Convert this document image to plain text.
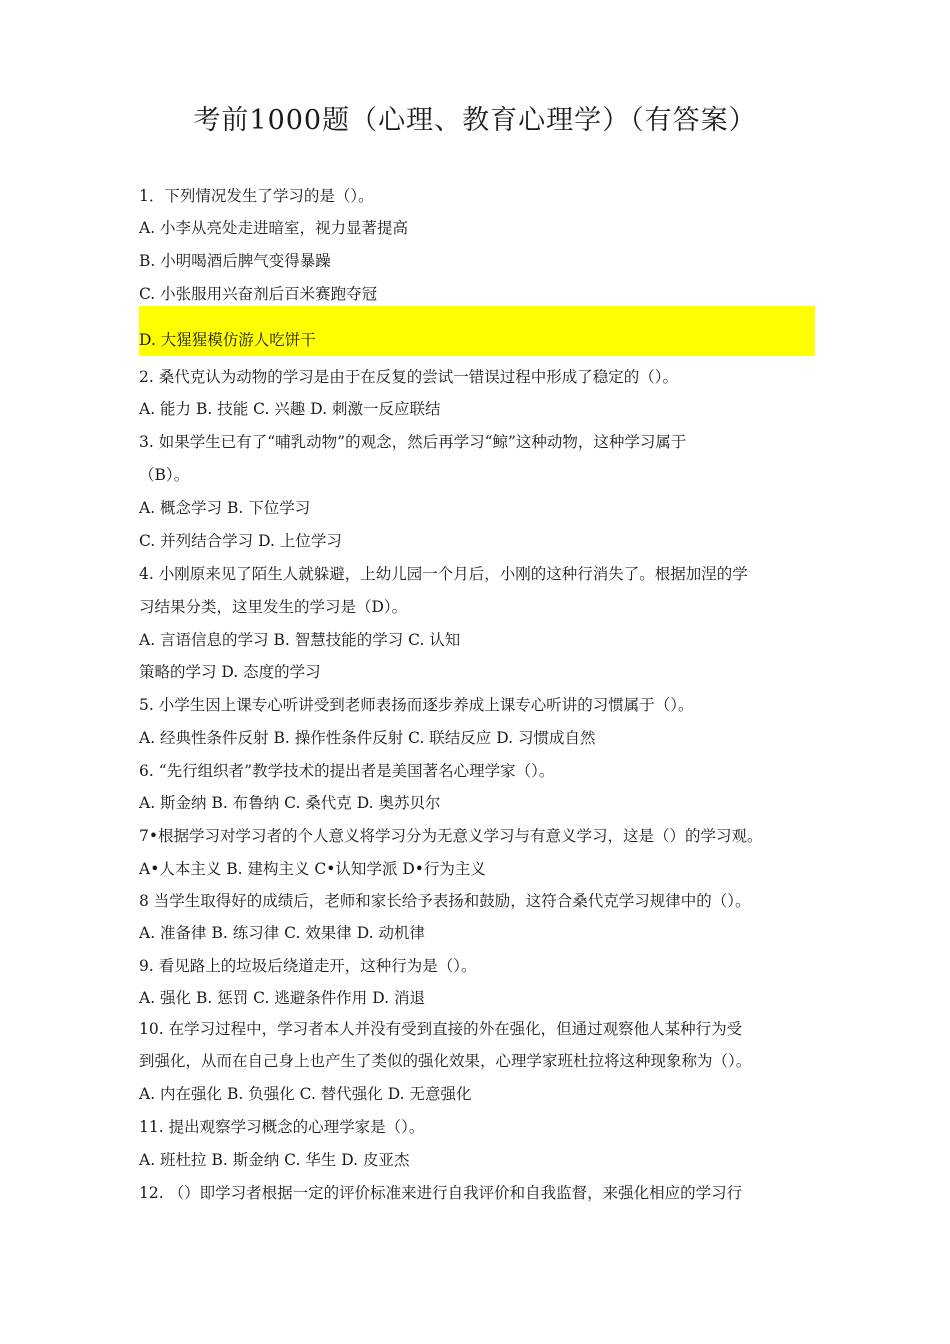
考前1000题（心理、教育心理学）（有答案）
1．下列情况发生了学习的是（）。
A. 小李从亮处走进暗室，视力显著提高
B. 小明喝酒后脾气变得暴躁
C. 小张服用兴奋剂后百米赛跑夺冠
D. 大猩猩模仿游人吃饼干
2. 桑代克认为动物的学习是由于在反复的尝试一错误过程中形成了稳定的（）。
A. 能力 B. 技能 C. 兴趣 D. 刺激一反应联结
3. 如果学生已有了“哺乳动物”的观念，然后再学习“鲸”这种动物，这种学习属于
（B）。
A. 概念学习 B. 下位学习
C. 并列结合学习 D. 上位学习
4. 小刚原来见了陌生人就躲避，上幼儿园一个月后，小刚的这种行消失了。根据加涅的学
习结果分类，这里发生的学习是（D）。
A. 言语信息的学习 B. 智慧技能的学习 C. 认知
策略的学习 D. 态度的学习
5. 小学生因上课专心听讲受到老师表扬而逐步养成上课专心听讲的习惯属于（）。
A. 经典性条件反射 B. 操作性条件反射 C. 联结反应 D. 习惯成自然
6. “先行组织者”教学技术的提出者是美国著名心理学家（）。
A. 斯金纳 B. 布鲁纳 C. 桑代克 D. 奥苏贝尔
7•根据学习对学习者的个人意义将学习分为无意义学习与有意义学习，这是（）的学习观。
A•人本主义 B. 建构主义 C•认知学派 D•行为主义
8 当学生取得好的成绩后，老师和家长给予表扬和鼓励，这符合桑代克学习规律中的（）。
A. 准备律 B. 练习律 C. 效果律 D. 动机律
9. 看见路上的垃圾后绕道走开，这种行为是（）。
A. 强化 B. 惩罚 C. 逃避条件作用 D. 消退
10. 在学习过程中，学习者本人并没有受到直接的外在强化，但通过观察他人某种行为受
到强化，从而在自己身上也产生了类似的强化效果，心理学家班杜拉将这种现象称为（）。
A. 内在强化 B. 负强化 C. 替代强化 D. 无意强化
11. 提出观察学习概念的心理学家是（）。
A. 班杜拉 B. 斯金纳 C. 华生 D. 皮亚杰
12. （）即学习者根据一定的评价标准来进行自我评价和自我监督，来强化相应的学习行
